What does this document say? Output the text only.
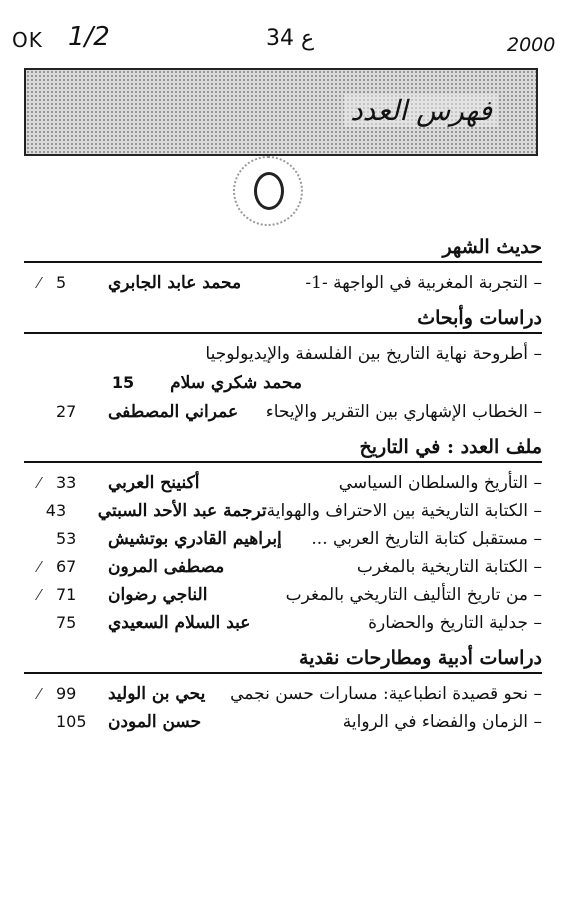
OK 1/2	ع 34	2000
فهرس العدد
حديث الشهر
–
التجربة المغربية في الواجهة -1-
محمد عابد الجابري
5
⁄
دراسات وأبحاث
–
أطروحة نهاية التاريخ بين الفلسفة والإيديولوجيا
محمد شكري سلام
15
–
الخطاب الإشهاري بين التقرير والإيحاء
عمراني المصطفى
27
ملف العدد : في التاريخ
–
التأريخ والسلطان السياسي
أكنينح العربي
33
⁄
–
الكتابة التاريخية بين الاحتراف والهواية
ترجمة عبد الأحد السبتي
43
–
مستقبل كتابة التاريخ العربي ...
إبراهيم القادري بوتشيش
53
–
الكتابة التاريخية بالمغرب
مصطفى المرون
67
⁄
–
من تاريخ التأليف التاريخي بالمغرب
الناجي رضوان
71
⁄
–
جدلية التاريخ والحضارة
عبد السلام السعيدي
75
دراسات أدبية ومطارحات نقدية
–
نحو قصيدة انطباعية: مسارات حسن نجمي
يحي بن الوليد
99
⁄
–
الزمان والفضاء في الرواية
حسن المودن
105
